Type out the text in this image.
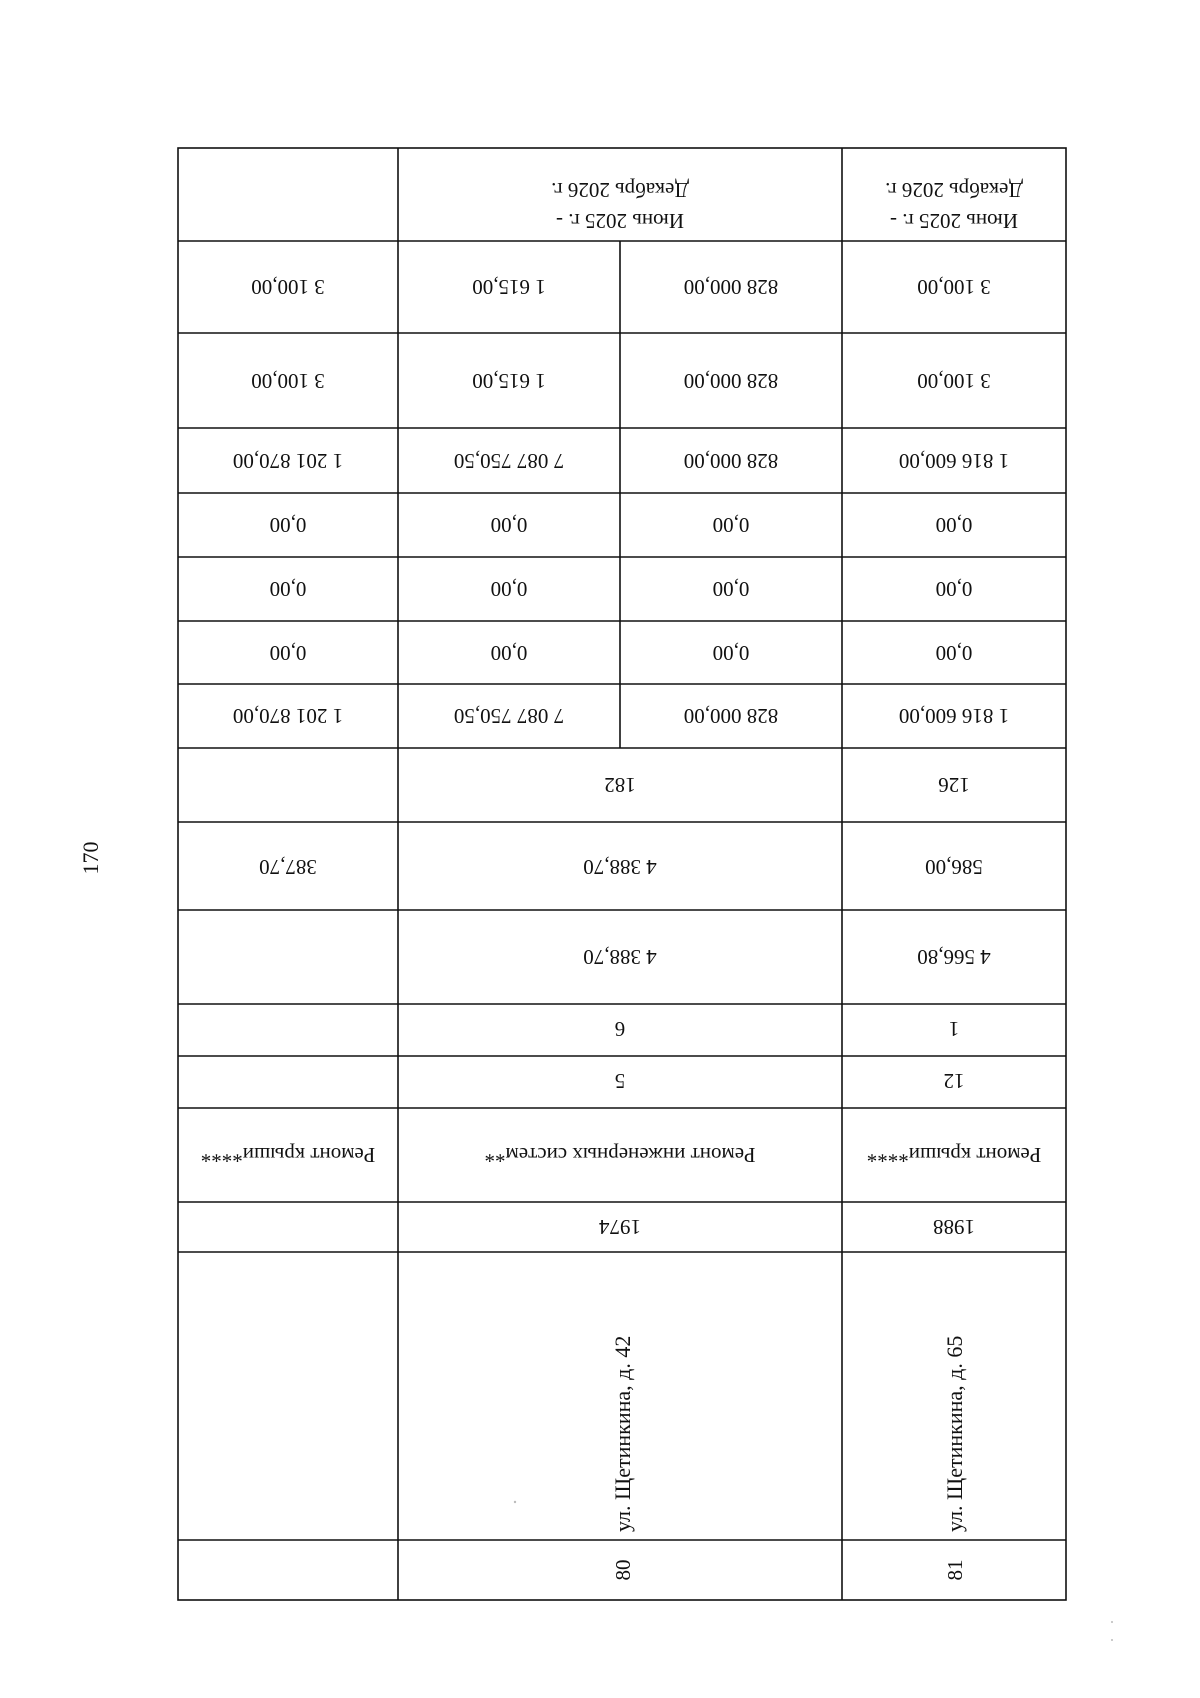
170
Июнь 2025 г. -
Декабрь 2026 г.
3 100,00
3 100,00
1 816 600,00
0,00
0,00
0,00
1 816 600,00
126
586,00
4 566,80
1
12
Ремонт крыши****
1988
ул. Щетинкина, д. 65
81
Июнь 2025 г. -
Декабрь 2026 г.
828 000,00
828 000,00
828 000,00
0,00
0,00
0,00
828 000,00
1 615,00
1 615,00
7 087 750,50
0,00
0,00
0,00
7 087 750,50
182
4 388,70
4 388,70
6
5
Ремонт инженерных систем**
1974
ул. Щетинкина, д. 42
80
3 100,00
3 100,00
1 201 870,00
0,00
0,00
0,00
1 201 870,00
387,70
Ремонт крыши****
